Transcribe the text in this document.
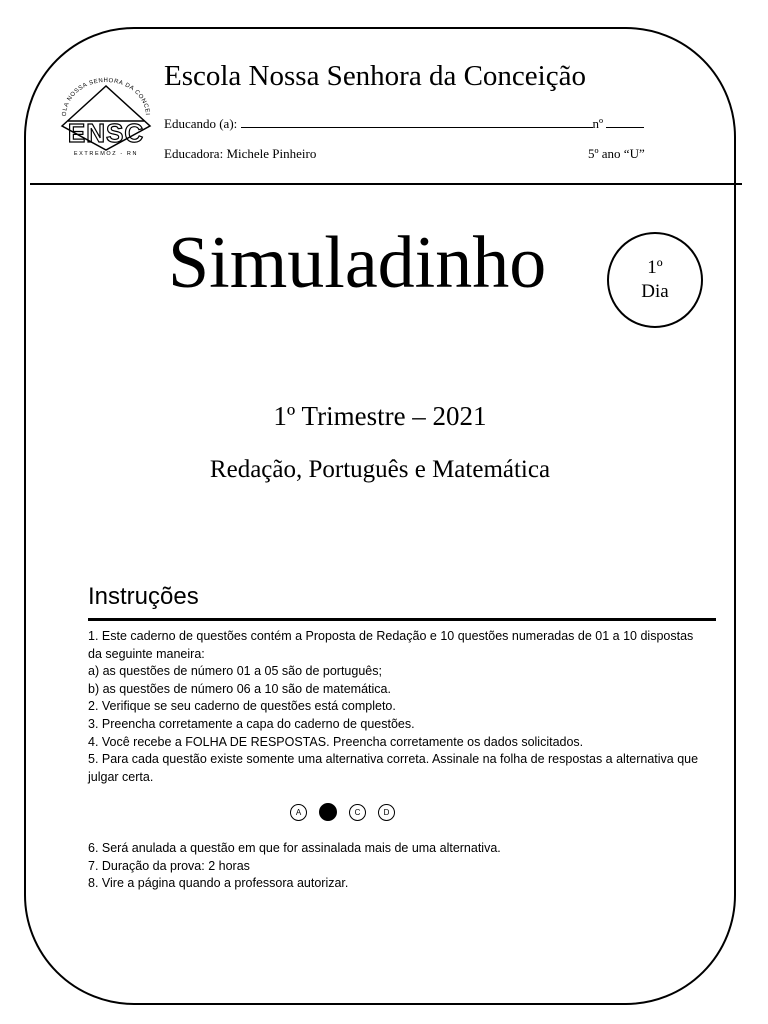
OLA NOSSA SENHORA DA CONCEI
ENSC
EXTREMOZ - RN
Escola Nossa Senhora da Conceição
Educando (a):	nº
Educadora: Michele Pinheiro	5º ano “U”
Simuladinho	1º
Dia
1º Trimestre – 2021
Redação, Português e Matemática
Instruções

1. Este caderno de questões contém a Proposta de Redação e 10 questões numeradas de 01 a 10 dispostas da seguinte maneira:

a) as questões de número 01 a 05 são de português;

b) as questões de número 06 a 10 são de matemática.

2. Verifique se seu caderno de questões está completo.

3. Preencha corretamente a capa do caderno de questões.

4. Você recebe a FOLHA DE RESPOSTAS. Preencha corretamente os dados solicitados.

5. Para cada questão existe somente uma alternativa correta. Assinale na folha de respostas a alternativa que julgar certa.

A	C	D

6. Será anulada a questão em que for assinalada mais de uma alternativa.

7. Duração da prova: 2 horas

8. Vire a página quando a professora autorizar.
